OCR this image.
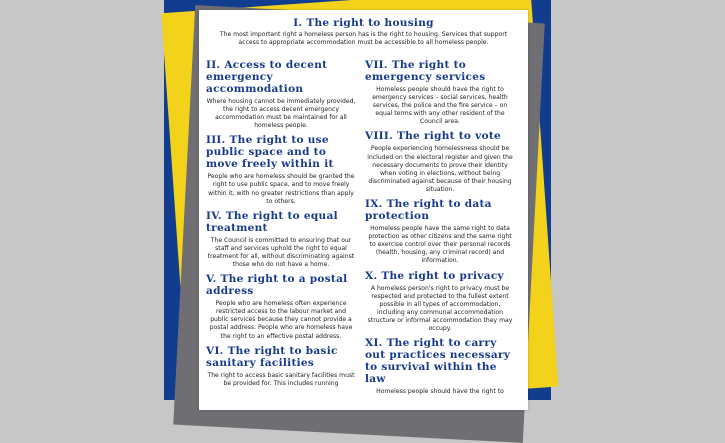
I. The right to housing
The most important right a homeless person has is the right to housing. Services that support access to appropriate accommodation must be accessible to all homeless people.
II. Access to decent emergency accommodation
Where housing cannot be immediately provided, the right to access decent emergency accommodation must be maintained for all homeless people.
III. The right to use public space and to move freely within it
People who are homeless should be granted the right to use public space, and to move freely within it, with no greater restrictions than apply to others.
IV. The right to equal treatment
The Council is committed to ensuring that our staff and services uphold the right to equal treatment for all, without discriminating against those who do not have a home.
V. The right to a postal address
People who are homeless often experience restricted access to the labour market and public services because they cannot provide a postal address. People who are homeless have the right to an effective postal address.
VI. The right to basic sanitary facilities
The right to access basic sanitary facilities must be provided for. This includes running
VII. The right to emergency services
Homeless people should have the right to emergency services – social services, health services, the police and the fire service – on equal terms with any other resident of the Council area.
VIII. The right to vote
People experiencing homelessness should be included on the electoral register and given the necessary documents to prove their identity when voting in elections, without being discriminated against because of their housing situation.
IX. The right to data protection
Homeless people have the same right to data protection as other citizens and the same right to exercise control over their personal records (health, housing, any criminal record) and information.
X. The right to privacy
A homeless person's right to privacy must be respected and protected to the fullest extent possible in all types of accommodation, including any communal accommodation structure or informal accommodation they may occupy.
XI. The right to carry out practices necessary to survival within the law
Homeless people should have the right to
